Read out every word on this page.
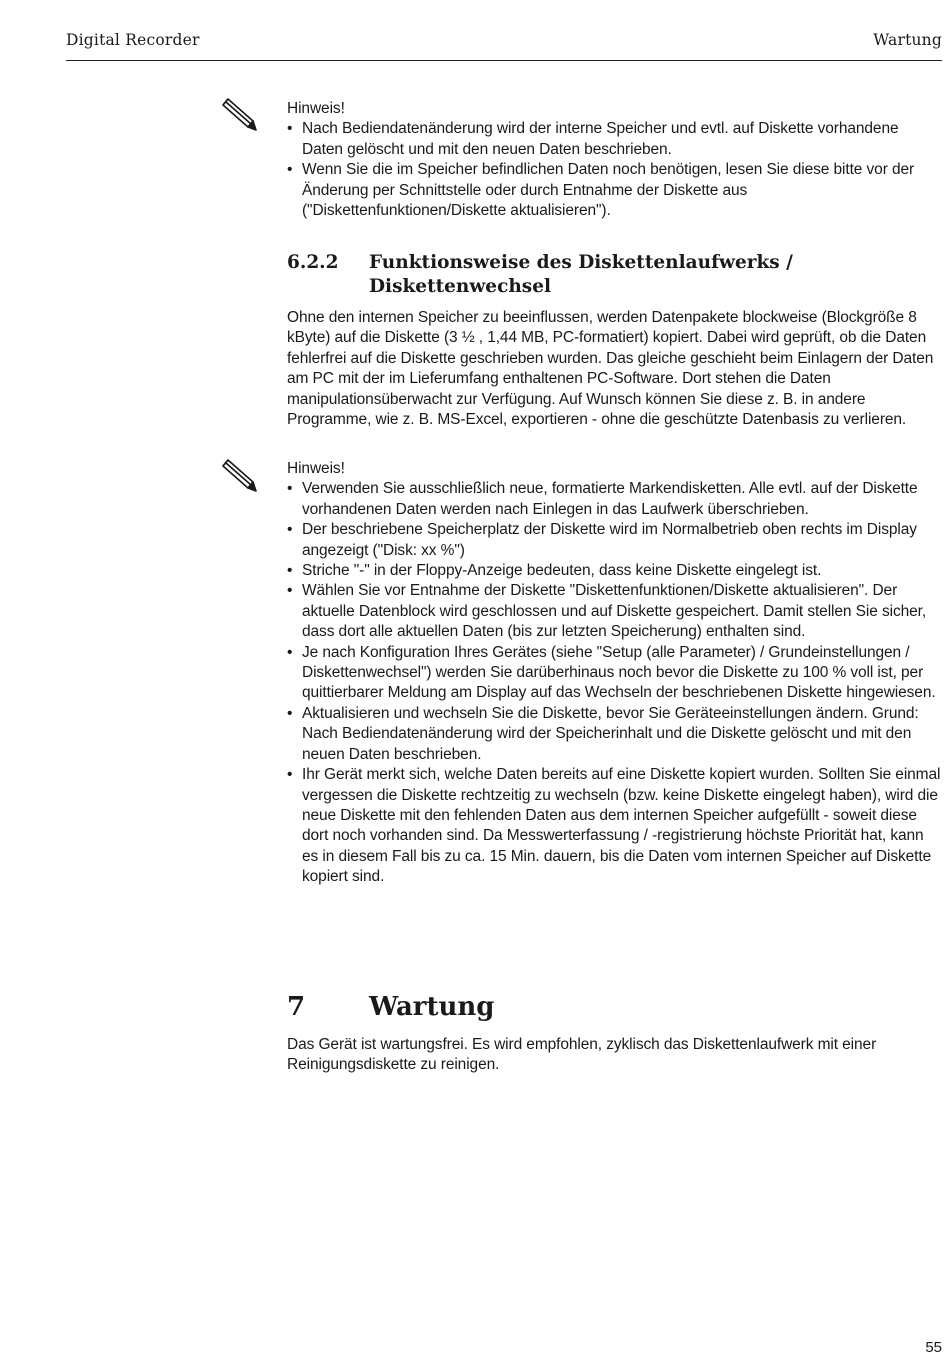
Digital Recorder	Wartung

Hinweis!

• Nach Bediendatenänderung wird der interne Speicher und evtl. auf Diskette vorhandene Daten gelöscht und mit den neuen Daten beschrieben.
• Wenn Sie die im Speicher befindlichen Daten noch benötigen, lesen Sie diese bitte vor der Änderung per Schnittstelle oder durch Entnahme der Diskette aus ("Diskettenfunktionen/Diskette aktualisieren").
6.2.2 Funktionsweise des Diskettenlaufwerks / Diskettenwechsel

Ohne den internen Speicher zu beeinflussen, werden Datenpakete blockweise (Blockgröße 8 kByte) auf die Diskette (3 ½ , 1,44 MB, PC-formatiert) kopiert. Dabei wird geprüft, ob die Daten fehlerfrei auf die Diskette geschrieben wurden. Das gleiche geschieht beim Einlagern der Daten am PC mit der im Lieferumfang enthaltenen PC-Software. Dort stehen die Daten manipulationsüberwacht zur Verfügung. Auf Wunsch können Sie diese z. B. in andere Programme, wie z. B. MS-Excel, exportieren - ohne die geschützte Datenbasis zu verlieren.

Hinweis!

• Verwenden Sie ausschließlich neue, formatierte Markendisketten. Alle evtl. auf der Diskette vorhandenen Daten werden nach Einlegen in das Laufwerk überschrieben.
• Der beschriebene Speicherplatz der Diskette wird im Normalbetrieb oben rechts im Display angezeigt ("Disk: xx %")
• Striche "-" in der Floppy-Anzeige bedeuten, dass keine Diskette eingelegt ist.
• Wählen Sie vor Entnahme der Diskette "Diskettenfunktionen/Diskette aktualisieren". Der aktuelle Datenblock wird geschlossen und auf Diskette gespeichert. Damit stellen Sie sicher, dass dort alle aktuellen Daten (bis zur letzten Speicherung) enthalten sind.
• Je nach Konfiguration Ihres Gerätes (siehe "Setup (alle Parameter) / Grundeinstellungen / Diskettenwechsel") werden Sie darüberhinaus noch bevor die Diskette zu 100 % voll ist, per quittierbarer Meldung am Display auf das Wechseln der beschriebenen Diskette hingewiesen.
• Aktualisieren und wechseln Sie die Diskette, bevor Sie Geräteeinstellungen ändern. Grund: Nach Bediendatenänderung wird der Speicherinhalt und die Diskette gelöscht und mit den neuen Daten beschrieben.
• Ihr Gerät merkt sich, welche Daten bereits auf eine Diskette kopiert wurden. Sollten Sie einmal vergessen die Diskette rechtzeitig zu wechseln (bzw. keine Diskette eingelegt haben), wird die neue Diskette mit den fehlenden Daten aus dem internen Speicher aufgefüllt - soweit diese dort noch vorhanden sind. Da Messwerterfassung / -registrierung höchste Priorität hat, kann es in diesem Fall bis zu ca. 15 Min. dauern, bis die Daten vom internen Speicher auf Diskette kopiert sind.
7 Wartung

Das Gerät ist wartungsfrei. Es wird empfohlen, zyklisch das Diskettenlaufwerk mit einer Reinigungsdiskette zu reinigen.

55
